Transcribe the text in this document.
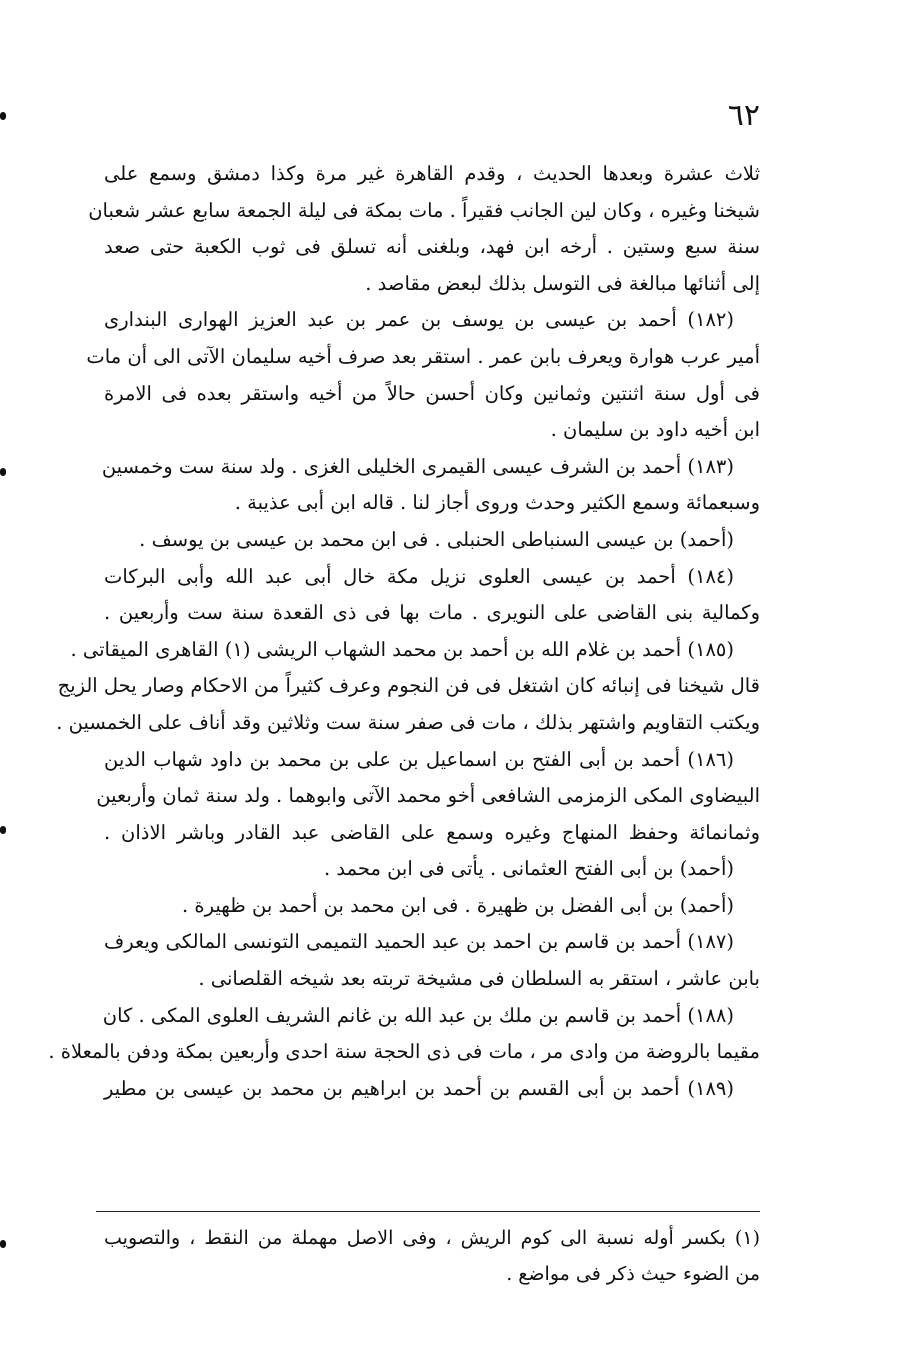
٦٢
ثلاث عشرة وبعدها الحديث ، وقدم القاهرة غير مرة وكذا دمشق وسمع على
شيخنا وغيره ، وكان لين الجانب فقيراً . مات بمكة فى ليلة الجمعة سابع عشر شعبان
سنة سبع وستين . أرخه ابن فهد، وبلغنى أنه تسلق فى ثوب الكعبة حتى صعد
إلى أثنائها مبالغة فى التوسل بذلك لبعض مقاصد .
(١٨٢) أحمد بن عيسى بن يوسف بن عمر بن عبد العزيز الهوارى البندارى
أمير عرب هوارة ويعرف بابن عمر . استقر بعد صرف أخيه سليمان الآتى الى أن مات
فى أول سنة اثنتين وثمانين وكان أحسن حالاً من أخيه واستقر بعده فى الامرة
ابن أخيه داود بن سليمان .
(١٨٣) أحمد بن الشرف عيسى القيمرى الخليلى الغزى . ولد سنة ست وخمسين
وسبعمائة وسمع الكثير وحدث وروى أجاز لنا . قاله ابن أبى عذيبة .
(أحمد) بن عيسى السنباطى الحنبلى . فى ابن محمد بن عيسى بن يوسف .
(١٨٤) أحمد بن عيسى العلوى نزيل مكة خال أبى عبد الله وأبى البركات
وكمالية بنى القاضى على النويرى . مات بها فى ذى القعدة سنة ست وأربعين .
(١٨٥) أحمد بن غلام الله بن أحمد بن محمد الشهاب الريشى (١) القاهرى الميقاتى .
قال شيخنا فى إنبائه كان اشتغل فى فن النجوم وعرف كثيراً من الاحكام وصار يحل الزيج
ويكتب التقاويم واشتهر بذلك ، مات فى صفر سنة ست وثلاثين وقد أناف على الخمسين .
(١٨٦) أحمد بن أبى الفتح بن اسماعيل بن على بن محمد بن داود شهاب الدين
البيضاوى المكى الزمزمى الشافعى أخو محمد الآتى وابوهما . ولد سنة ثمان وأربعين
وثمانمائة وحفظ المنهاج وغيره وسمع على القاضى عبد القادر وباشر الاذان .
(أحمد) بن أبى الفتح العثمانى . يأتى فى ابن محمد .
(أحمد) بن أبى الفضل بن ظهيرة . فى ابن محمد بن أحمد بن ظهيرة .
(١٨٧) أحمد بن قاسم بن احمد بن عبد الحميد التميمى التونسى المالكى ويعرف
بابن عاشر ، استقر به السلطان فى مشيخة تربته بعد شيخه القلصانى .
(١٨٨) أحمد بن قاسم بن ملك بن عبد الله بن غانم الشريف العلوى المكى . كان
مقيما بالروضة من وادى مر ، مات فى ذى الحجة سنة احدى وأربعين بمكة ودفن بالمعلاة .
(١٨٩) أحمد بن أبى القسم بن أحمد بن ابراهيم بن محمد بن عيسى بن مطير
(١) بكسر أوله نسبة الى كوم الريش ، وفى الاصل مهملة من النقط ، والتصويب
من الضوء حيث ذكر فى مواضع .
